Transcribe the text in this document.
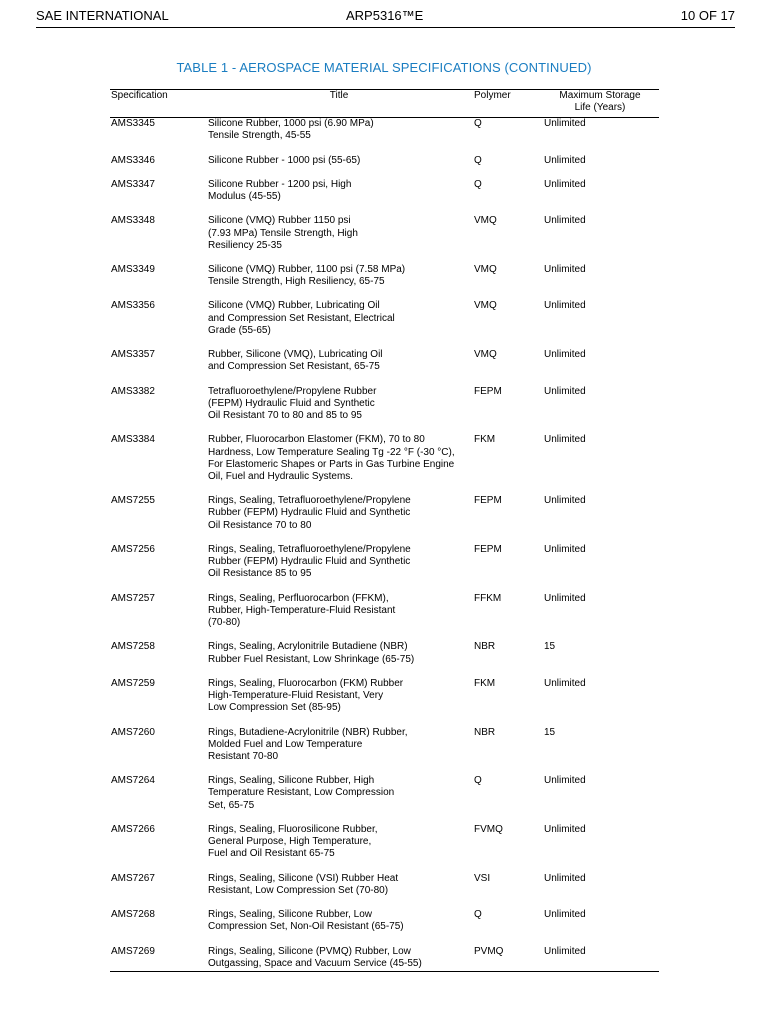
SAE INTERNATIONAL	ARP5316™E	10 OF 17
TABLE 1 - AEROSPACE MATERIAL SPECIFICATIONS (CONTINUED)
Specification	Title	Polymer	Maximum Storage
Life (Years)
AMS3345	Silicone Rubber, 1000 psi (6.90 MPa)
Tensile Strength, 45-55
Q	Unlimited
AMS3346	Silicone Rubber - 1000 psi (55-65)	Q	Unlimited
AMS3347	Silicone Rubber - 1200 psi, High
Modulus (45-55)
Q	Unlimited
AMS3348	Silicone (VMQ) Rubber 1150 psi
(7.93 MPa) Tensile Strength, High
Resiliency 25-35
VMQ	Unlimited
AMS3349	Silicone (VMQ) Rubber, 1100 psi (7.58 MPa)
Tensile Strength, High Resiliency, 65-75
VMQ	Unlimited
AMS3356	Silicone (VMQ) Rubber, Lubricating Oil
and Compression Set Resistant, Electrical
Grade (55-65)
VMQ	Unlimited
AMS3357	Rubber, Silicone (VMQ), Lubricating Oil
and Compression Set Resistant, 65-75
VMQ	Unlimited
AMS3382	Tetrafluoroethylene/Propylene Rubber
(FEPM) Hydraulic Fluid and Synthetic
Oil Resistant 70 to 80 and 85 to 95
FEPM	Unlimited
AMS3384	Rubber, Fluorocarbon Elastomer (FKM), 70 to 80
Hardness, Low Temperature Sealing Tg -22 °F (-30 °C),
For Elastomeric Shapes or Parts in Gas Turbine Engine
Oil, Fuel and Hydraulic Systems.
FKM	Unlimited
AMS7255	Rings, Sealing, Tetrafluoroethylene/Propylene
Rubber (FEPM) Hydraulic Fluid and Synthetic
Oil Resistance 70 to 80
FEPM	Unlimited
AMS7256	Rings, Sealing, Tetrafluoroethylene/Propylene
Rubber (FEPM) Hydraulic Fluid and Synthetic
Oil Resistance 85 to 95
FEPM	Unlimited
AMS7257	Rings, Sealing, Perfluorocarbon (FFKM),
Rubber, High-Temperature-Fluid Resistant
(70-80)
FFKM	Unlimited
AMS7258	Rings, Sealing, Acrylonitrile Butadiene (NBR)
Rubber Fuel Resistant, Low Shrinkage (65-75)
NBR	15
AMS7259	Rings, Sealing, Fluorocarbon (FKM) Rubber
High-Temperature-Fluid Resistant, Very
Low Compression Set (85-95)
FKM	Unlimited
AMS7260	Rings, Butadiene-Acrylonitrile (NBR) Rubber,
Molded Fuel and Low Temperature
Resistant 70-80
NBR	15
AMS7264	Rings, Sealing, Silicone Rubber, High
Temperature Resistant, Low Compression
Set, 65-75
Q	Unlimited
AMS7266	Rings, Sealing, Fluorosilicone Rubber,
General Purpose, High Temperature,
Fuel and Oil Resistant 65-75
FVMQ	Unlimited
AMS7267	Rings, Sealing, Silicone (VSI) Rubber Heat
Resistant, Low Compression Set (70-80)
VSI	Unlimited
AMS7268	Rings, Sealing, Silicone Rubber, Low
Compression Set, Non-Oil Resistant (65-75)
Q	Unlimited
AMS7269	Rings, Sealing, Silicone (PVMQ) Rubber, Low
Outgassing, Space and Vacuum Service (45-55)
PVMQ	Unlimited
